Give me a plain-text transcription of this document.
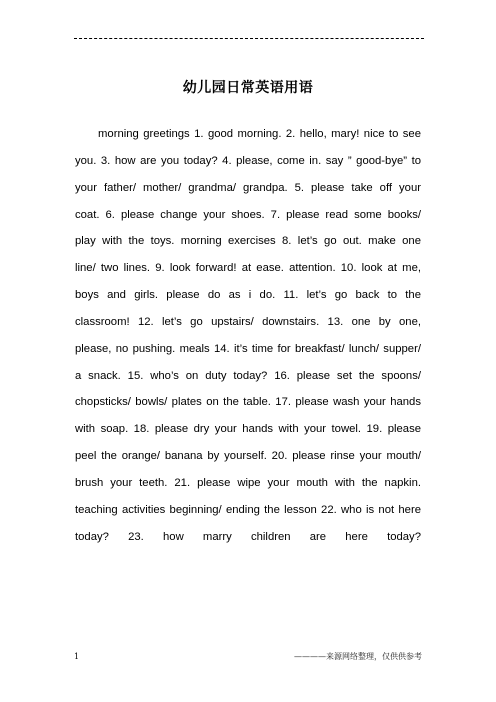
幼儿园日常英语用语

morning greetings 1. good morning. 2. hello, mary! nice to see you. 3. how are you today? 4. please, come in. say ” good-bye” to your father/ mother/ grandma/ grandpa. 5. please take off your coat. 6. please change your shoes. 7. please read some books/ play with the toys. morning exercises 8. let’s go out. make one line/ two lines. 9. look forward! at ease. attention. 10. look at me, boys and girls. please do as i do. 11. let’s go back to the classroom! 12. let’s go upstairs/ downstairs. 13. one by one, please, no pushing. meals 14. it’s time for breakfast/ lunch/ supper/ a snack. 15. who’s on duty today? 16. please set the spoons/ chopsticks/ bowls/ plates on the table. 17. please wash your hands with soap. 18. please dry your hands with your towel. 19. please peel the orange/ banana by yourself. 20. please rinse your mouth/ brush your teeth. 21. please wipe your mouth with the napkin. teaching activities beginning/ ending the lesson 22. who is not here today? 23. how marry children are here today?

1	————来源网络整理，仅供供参考
